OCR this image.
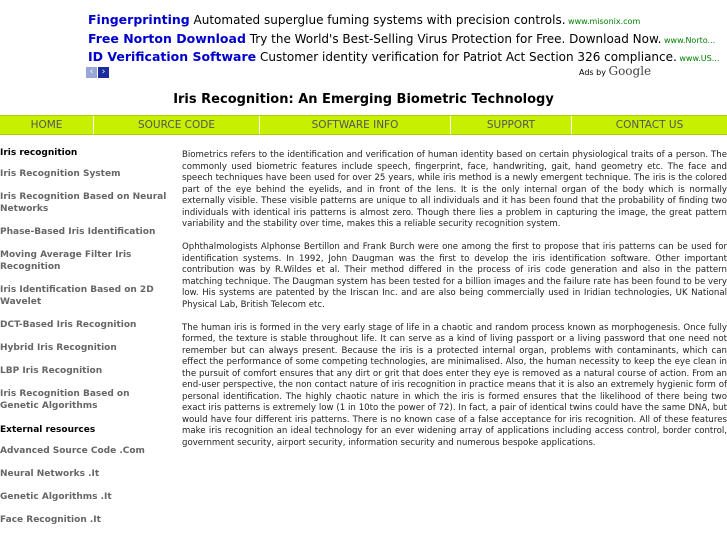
Fingerprinting Automated superglue fuming systems with precision controls. www.misonix.com
Free Norton Download Try the World's Best-Selling Virus Protection for Free. Download Now. www.Norto...
ID Verification Software Customer identity verification for Patriot Act Section 326 compliance. www.US...
‹ ›	Ads by Google
Iris Recognition: An Emerging Biometric Technology
HOME	SOURCE CODE	SOFTWARE INFO	SUPPORT	CONTACT US
Iris recognition
Iris Recognition System
Iris Recognition Based on Neural Networks
Phase-Based Iris Identification
Moving Average Filter Iris Recognition
Iris Identification Based on 2D Wavelet
DCT-Based Iris Recognition
Hybrid Iris Recognition
LBP Iris Recognition
Iris Recognition Based on Genetic Algorithms
External resources
Advanced Source Code .Com
Neural Networks .It
Genetic Algorithms .It
Face Recognition .It

Biometrics refers to the identification and verification of human identity based on certain physiological traits of a person. The commonly used biometric features include speech, fingerprint, face, handwriting, gait, hand geometry etc. The face and speech techniques have been used for over 25 years, while iris method is a newly emergent technique. The iris is the colored part of the eye behind the eyelids, and in front of the lens. It is the only internal organ of the body which is normally externally visible. These visible patterns are unique to all individuals and it has been found that the probability of finding two individuals with identical iris patterns is almost zero. Though there lies a problem in capturing the image, the great pattern variability and the stability over time, makes this a reliable security recognition system.

Ophthalmologists Alphonse Bertillon and Frank Burch were one among the first to propose that iris patterns can be used for identification systems. In 1992, John Daugman was the first to develop the iris identification software. Other important contribution was by R.Wildes et al. Their method differed in the process of iris code generation and also in the pattern matching technique. The Daugman system has been tested for a billion images and the failure rate has been found to be very low. His systems are patented by the Iriscan Inc. and are also being commercially used in Iridian technologies, UK National Physical Lab, British Telecom etc.

The human iris is formed in the very early stage of life in a chaotic and random process known as morphogenesis. Once fully formed, the texture is stable throughout life. It can serve as a kind of living passport or a living password that one need not remember but can always present. Because the iris is a protected internal organ, problems with contaminants, which can effect the performance of some competing technologies, are minimalised. Also, the human necessity to keep the eye clean in the pursuit of comfort ensures that any dirt or grit that does enter they eye is removed as a natural course of action. From an end-user perspective, the non contact nature of iris recognition in practice means that it is also an extremely hygienic form of personal identification. The highly chaotic nature in which the iris is formed ensures that the likelihood of there being two exact iris patterns is extremely low (1 in 10to the power of 72). In fact, a pair of identical twins could have the same DNA, but would have four different iris patterns. There is no known case of a false acceptance for iris recognition. All of these features make iris recognition an ideal technology for an ever widening array of applications including access control, border control, government security, airport security, information security and numerous bespoke applications.
